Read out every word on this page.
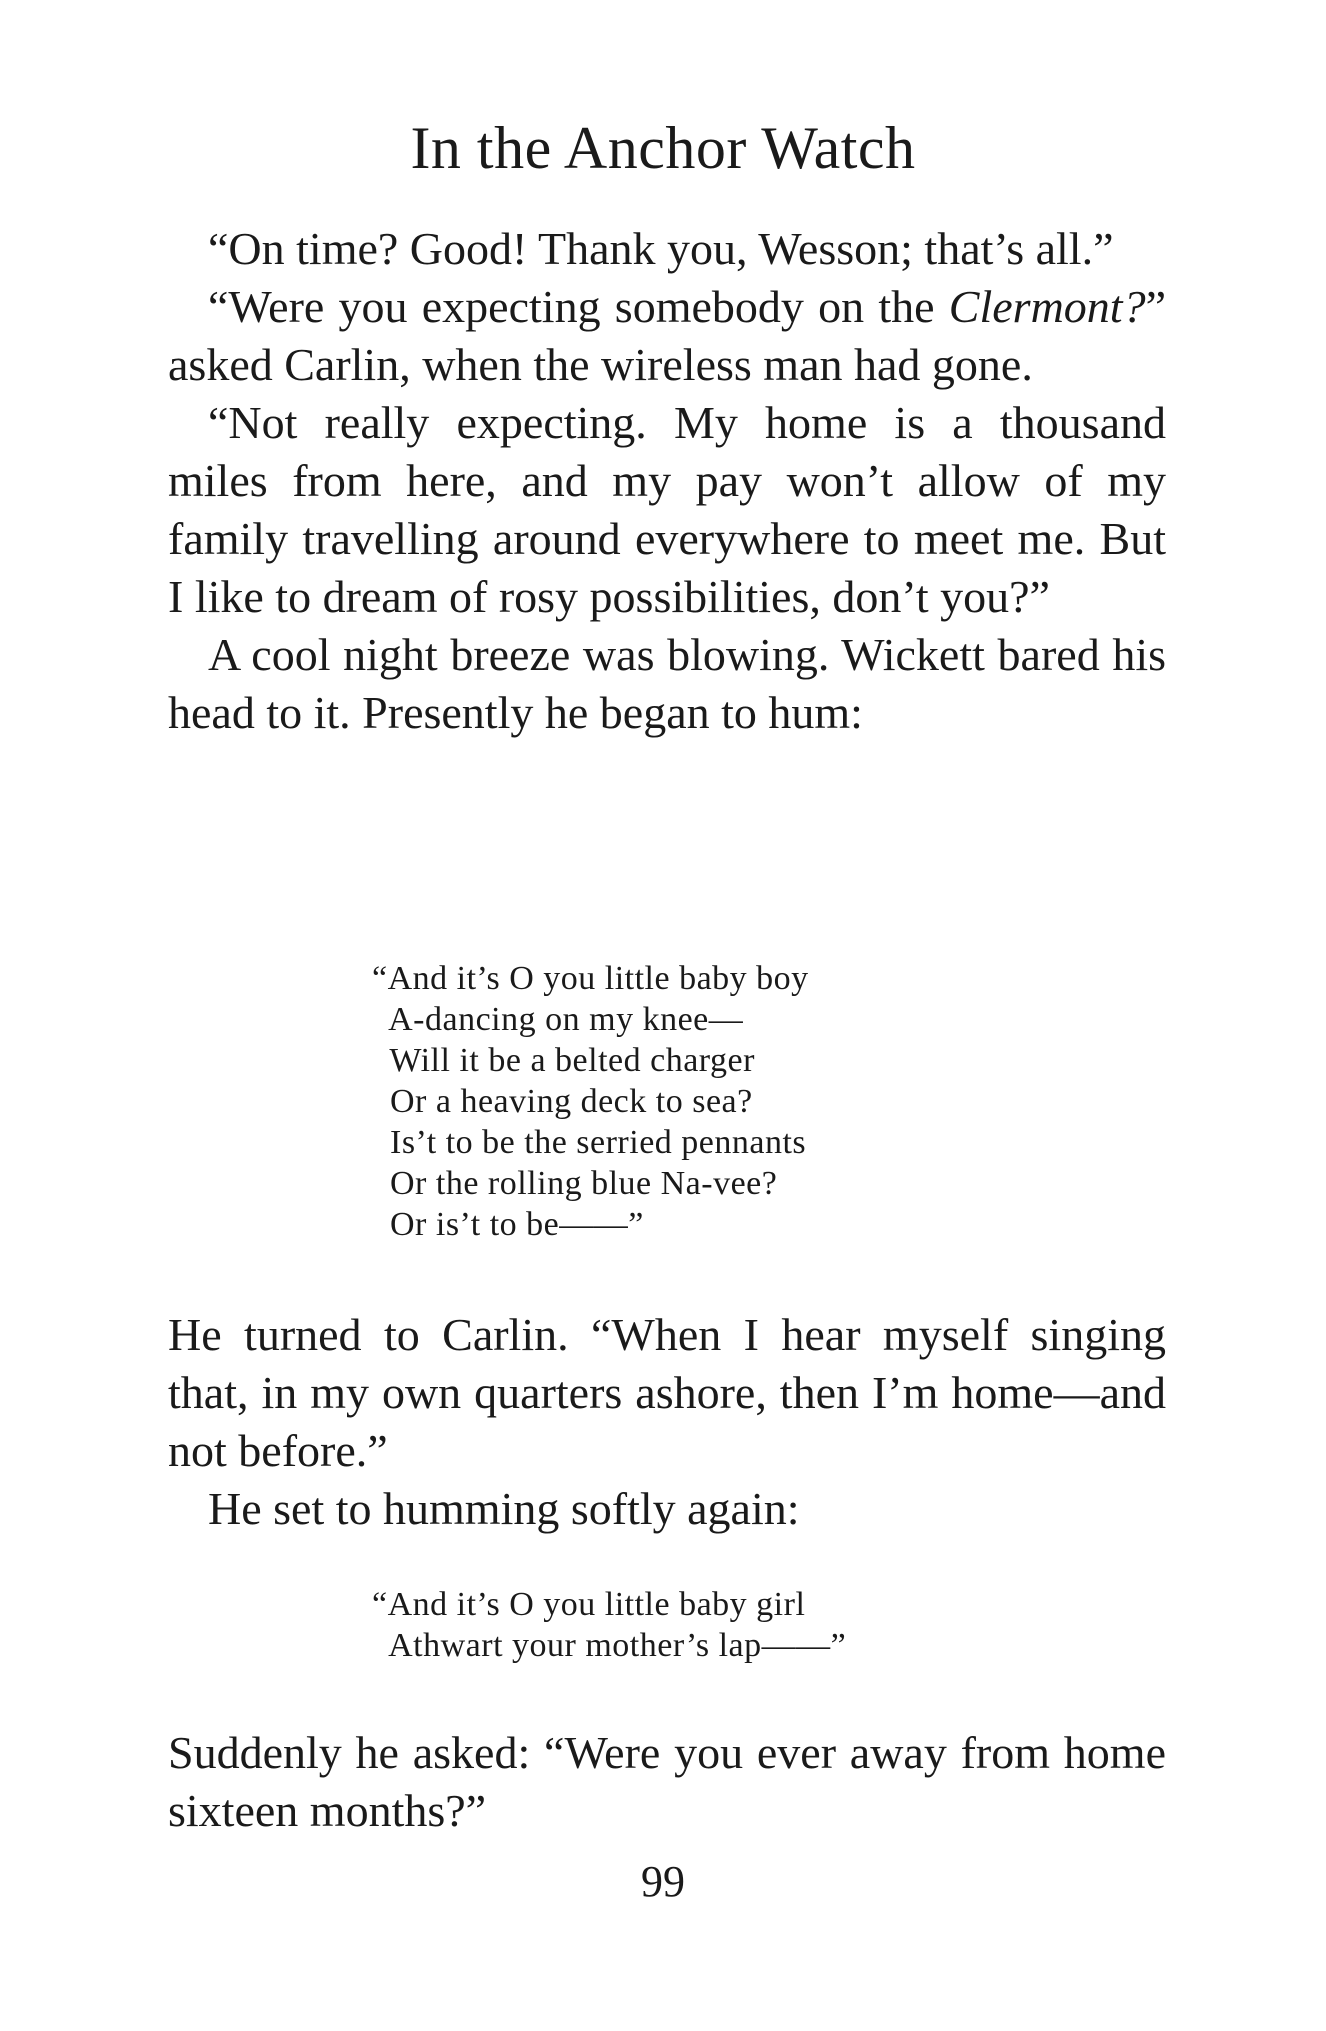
In the Anchor Watch

“On time? Good! Thank you, Wesson; that’s all.”

“Were you expecting somebody on the Clermont?” asked Carlin, when the wireless man had gone.

“Not really expecting. My home is a thousand miles from here, and my pay won’t allow of my family travelling around everywhere to meet me. But I like to dream of rosy possibilities, don’t you?”

A cool night breeze was blowing. Wickett bared his head to it. Presently he began to hum:

“And it’s O you little baby boy
A-dancing on my knee—
Will it be a belted charger
Or a heaving deck to sea?
Is’t to be the serried pennants
Or the rolling blue Na-vee?
Or is’t to be——”

He turned to Carlin. “When I hear myself singing that, in my own quarters ashore, then I’m home—and not before.”

He set to humming softly again:

“And it’s O you little baby girl
Athwart your mother’s lap——”

Suddenly he asked: “Were you ever away from home sixteen months?”

99
